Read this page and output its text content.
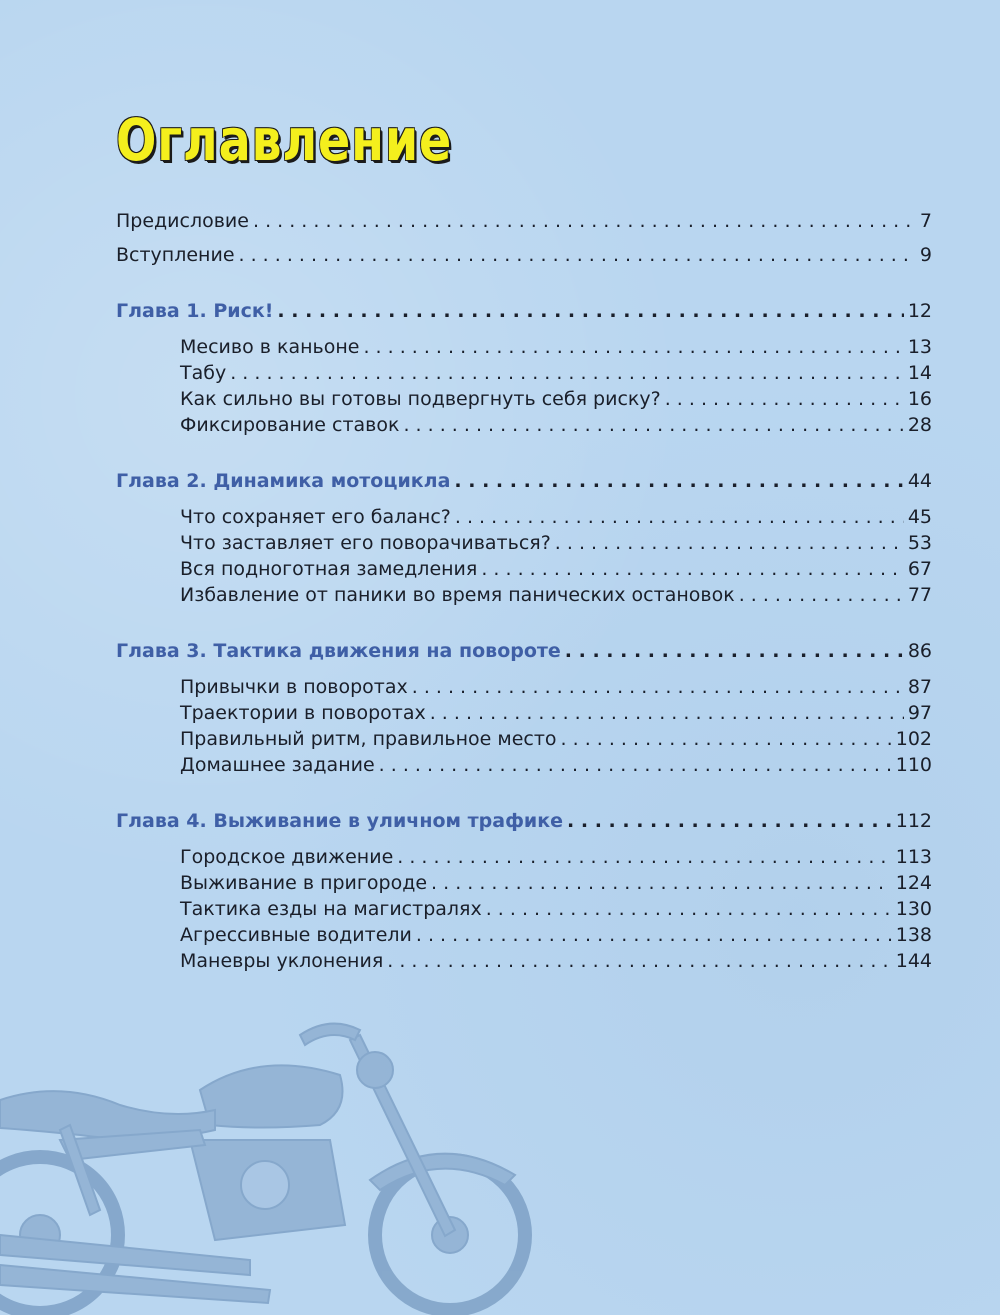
Оглавление
Предисловие . . .	7
Вступление . . .	9
Глава 1. Риск! . . .	12
Месиво в каньоне . . .	13
Табу . . .	14
Как сильно вы готовы подвергнуть себя риску? . . .	16
Фиксирование ставок . . .	28
Глава 2. Динамика мотоцикла . . .	44
Что сохраняет его баланс? . . .	45
Что заставляет его поворачиваться? . . .	53
Вся подноготная замедления . . .	67
Избавление от паники во время панических остановок . . .	77
Глава 3. Тактика движения на повороте . . .	86
Привычки в поворотах . . .	87
Траектории в поворотах . . .	97
Правильный ритм, правильное место . . .	102
Домашнее задание . . .	110
Глава 4. Выживание в уличном трафике . . .	112
Городское движение . . .	113
Выживание в пригороде . . .	124
Тактика езды на магистралях . . .	130
Агрессивные водители . . .	138
Маневры уклонения . . .	144
